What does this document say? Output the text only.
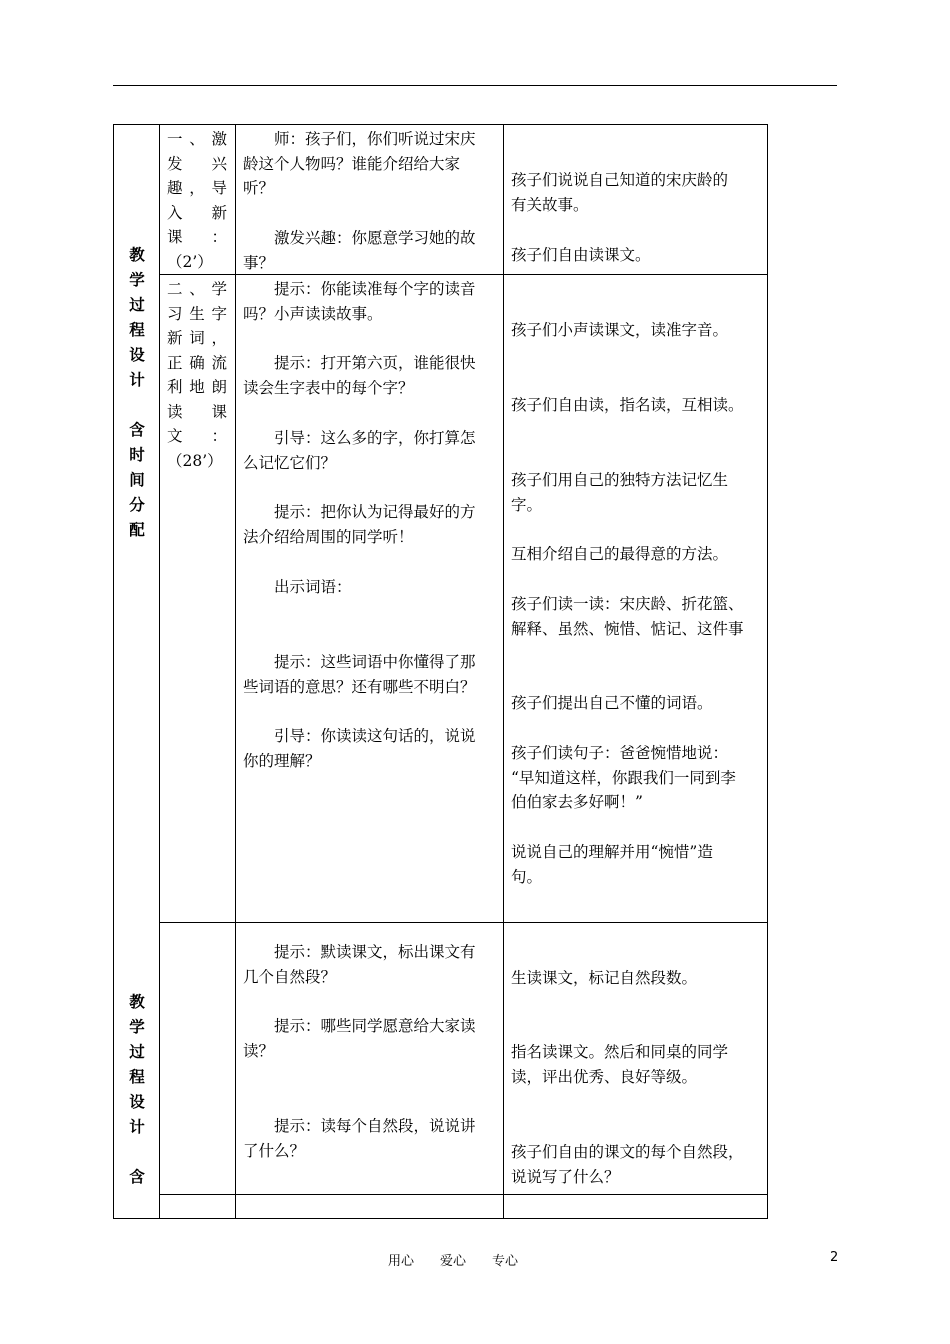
教
学
过
程
设
计
含
时
间
分
配
教
学
过
程
设
计
含
一、激
发　兴
趣，导
入　新
课　：
（2’）
二、学
习生字
新词，
正确流
利地朗
读　课
文　：
（28’）
　　师：孩子们，你们听说过宋庆
龄这个人物吗？谁能介绍给大家
听？
　　激发兴趣：你愿意学习她的故
事？
　　提示：你能读准每个字的读音
吗？小声读读故事。
　　提示：打开第六页，谁能很快
读会生字表中的每个字？
　　引导：这么多的字，你打算怎
么记忆它们？
　　提示：把你认为记得最好的方
法介绍给周围的同学听！
　　出示词语：
　　提示：这些词语中你懂得了那
些词语的意思？还有哪些不明白？
　　引导：你读读这句话的，说说
你的理解？
　　提示：默读课文，标出课文有
几个自然段？
　　提示：哪些同学愿意给大家读
读？
　　提示：读每个自然段，说说讲
了什么？
孩子们说说自己知道的宋庆龄的
有关故事。
孩子们自由读课文。
孩子们小声读课文，读准字音。
孩子们自由读，指名读，互相读。
孩子们用自己的独特方法记忆生
字。
互相介绍自己的最得意的方法。
孩子们读一读：宋庆龄、折花篮、
解释、虽然、惋惜、惦记、这件事
孩子们提出自己不懂的词语。
孩子们读句子：爸爸惋惜地说：
“早知道这样，你跟我们一同到李
伯伯家去多好啊！”
说说自己的理解并用“惋惜”造
句。
生读课文，标记自然段数。
指名读课文。然后和同桌的同学
读，评出优秀、良好等级。
孩子们自由的课文的每个自然段，
说说写了什么？
用心　　爱心　　专心	2
